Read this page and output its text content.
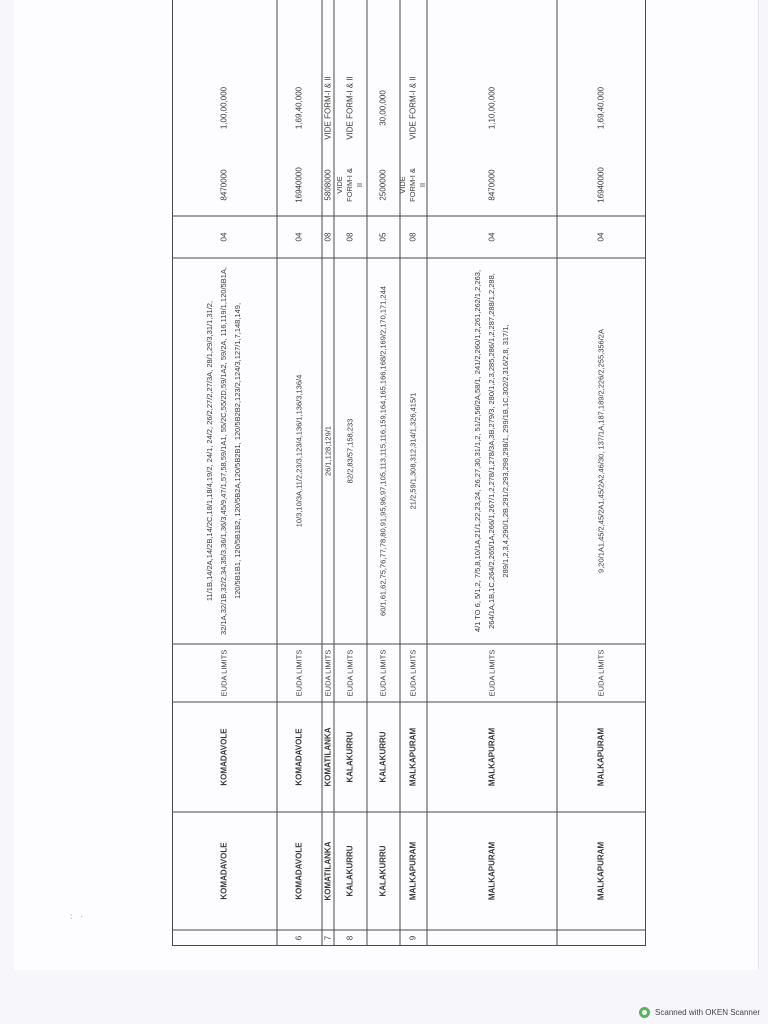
: ·
KOMADAVOLE
KOMADAVOLE
EUDA LIMITS
11/1B,14/2A,14/2B,14/2C,18/1,18/4,19/2, 24/1, 24/2, 26/2,27/2,27/3A, 28/1,29/3,31/1,31/2, 32/1A,32/1B,32/2,34,35/3,36/1,36/3,45/9,47/1,57,58,59/1A1, 55/2C,55/2D,59/1A2, 59/2A, 116,119/1,120/5B1A, 120/5B1B1, 120/5B1B2, 120/5B2A,120/5B2B1, 120/5B2B2,123/2,124/3,127/1,7,148,149,
04
8470000
1,00,00,000
6
KOMADAVOLE
KOMADAVOLE
EUDA LIMITS
10/3,10/3A,11/2,23/3,123/4,136/1,136/3,136/4
04
16940000
1,69,40,000
7
KOMATILANKA
KOMATILANKA
EUDA LIMITS
26/1,128,129/1
08
5808000
VIDE FORM-I & II
8
KALAKURRU
KALAKURRU
EUDA LIMITS
82/2,83/57,158,233
08
VIDE FORM-I & II
VIDE FORM-I & II
KALAKURRU
KALAKURRU
EUDA LIMITS
60/1,61,62,75,76,77,78,80,91,95,96,97,105,113,115,116,159,164,165,166,168/2,169/2,170,171,244
05
2500000
30,00,000
9
MALKAPURAM
MALKAPURAM
EUDA LIMITS
21/2,59/1,308,312,314/1,326,415/1
08
VIDE FORM-I & II
VIDE FORM-I & II
MALKAPURAM
MALKAPURAM
EUDA LIMITS
4/1 TO 6, 5/1,2, 7/5,8,10/1A,21/1,22,23,24, 26,27,30,31/1,2, 51/2,56/2A,58/1, 241/2,260/1,2,261,262/1,2,263, 264/1A,1B,1C,264/2,265/1A,266/1,267/1,2,278/1,278/3A,3B,279/3, 280/1,2,3,285,286/1,2,287,288/1,2,288, 289/1,2,3,4,290/1,2B,291/2,293,298,298/1, 299/1B,1C,302/2,316/2,8, 317/1,
04
8470000
1,10,00,000
MALKAPURAM
MALKAPURAM
EUDA LIMITS
9,20/1A1,45/2,45/2A1,45/2A2,46/30, 137/1A,187,189/2,226/2,255,356/2A
04
16940000
1,69,40,000
Scanned with OKEN Scanner
